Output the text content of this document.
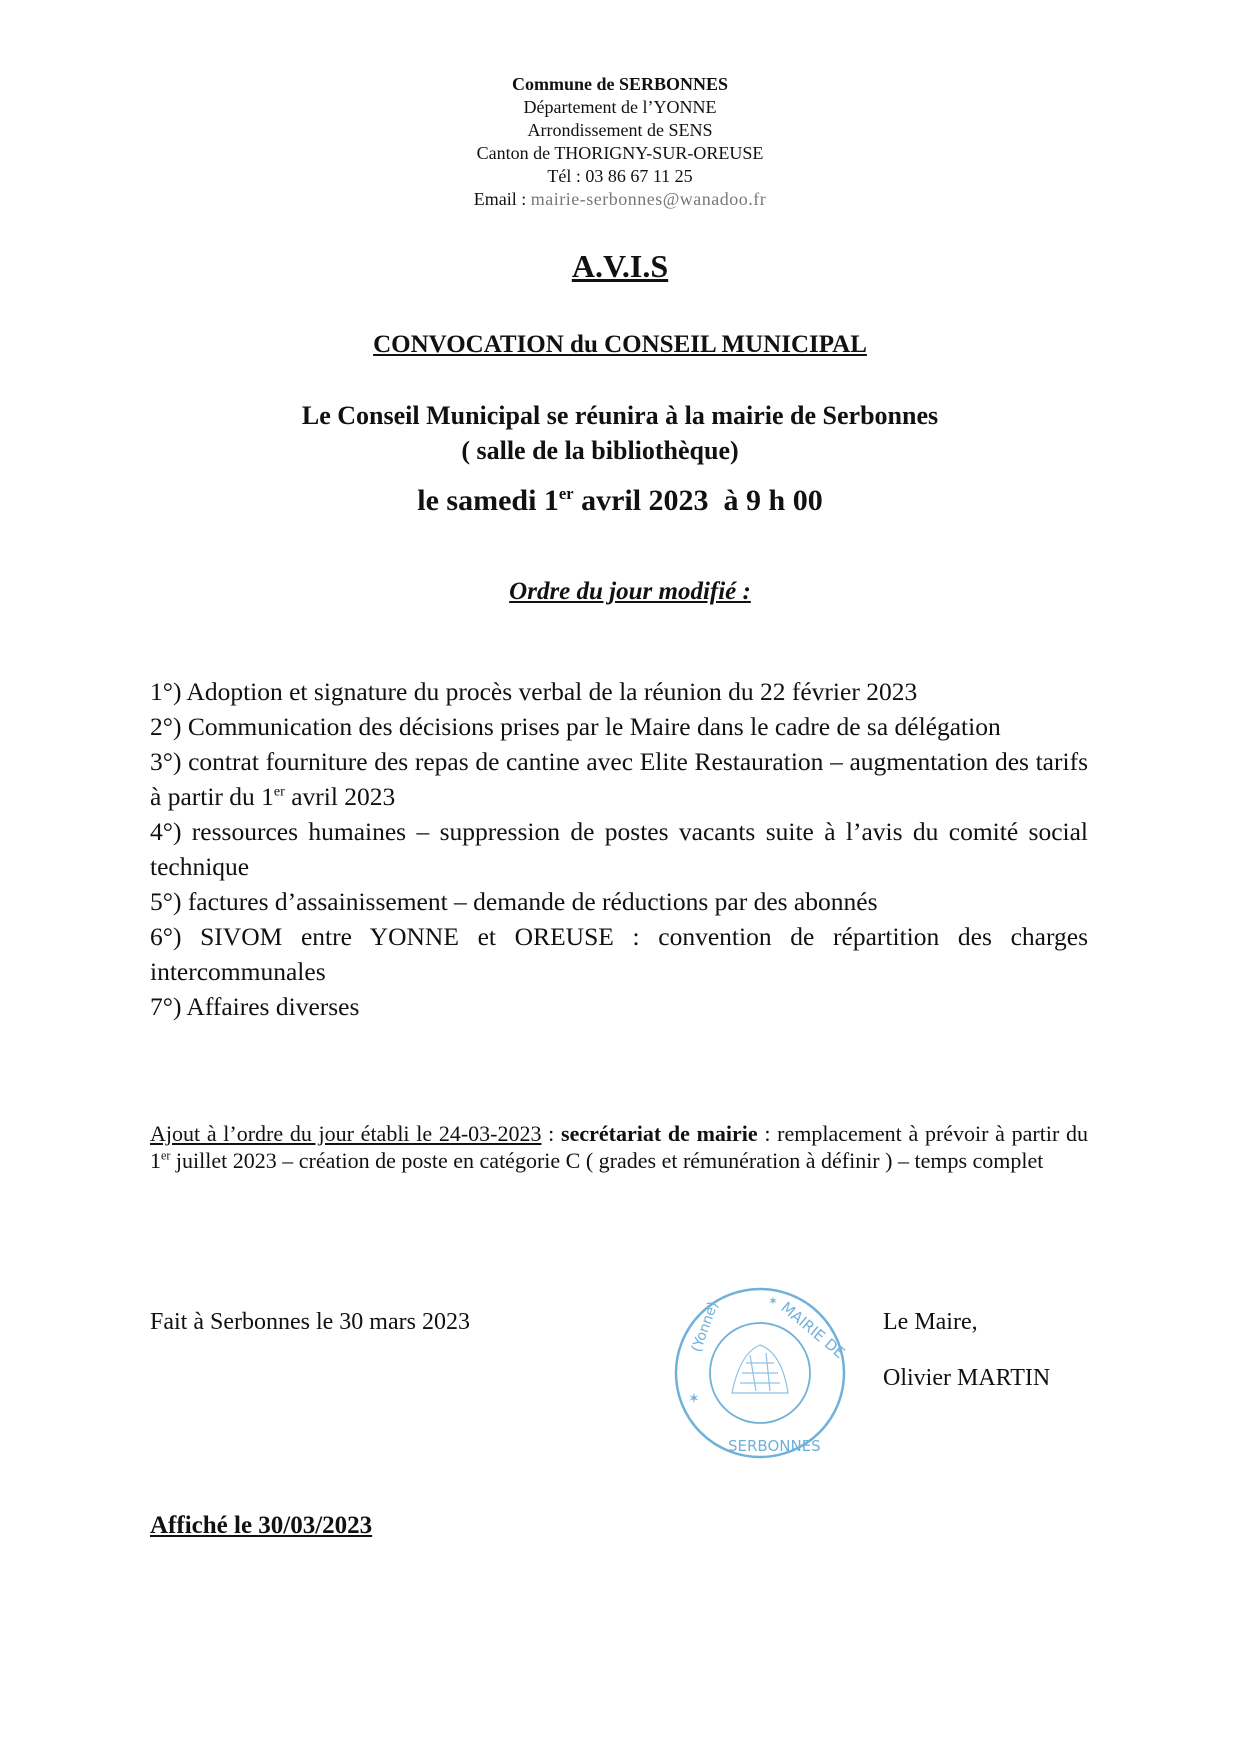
Commune de SERBONNES
Département de l’YONNE
Arrondissement de SENS
Canton de THORIGNY-SUR-OREUSE
Tél : 03 86 67 11 25
Email : mairie-serbonnes@wanadoo.fr
A.V.I.S
CONVOCATION du CONSEIL MUNICIPAL
Le Conseil Municipal se réunira à la mairie de Serbonnes
( salle de la bibliothèque)
le samedi 1er avril 2023  à 9 h 00
Ordre du jour modifié :

1°) Adoption et signature du procès verbal de la réunion du 22 février 2023

2°) Communication des décisions prises par le Maire dans le cadre de sa délégation

3°) contrat fourniture des repas de cantine avec Elite Restauration – augmentation des tarifs à partir du 1er avril 2023

4°) ressources humaines – suppression de postes vacants suite à l’avis du comité social technique

5°) factures d’assainissement – demande de réductions par des abonnés

6°) SIVOM entre YONNE et OREUSE : convention de répartition des charges intercommunales

7°) Affaires diverses

Ajout à l’ordre du jour établi le 24-03-2023 : secrétariat de mairie : remplacement à prévoir à partir du 1er juillet 2023 – création de poste en catégorie C ( grades et rémunération à définir ) – temps complet
Fait à Serbonnes le 30 mars 2023
✶
✶ MAIRIE DE
SERBONNES
(Yonne)	Le Maire,
Olivier MARTIN
Affiché le 30/03/2023
